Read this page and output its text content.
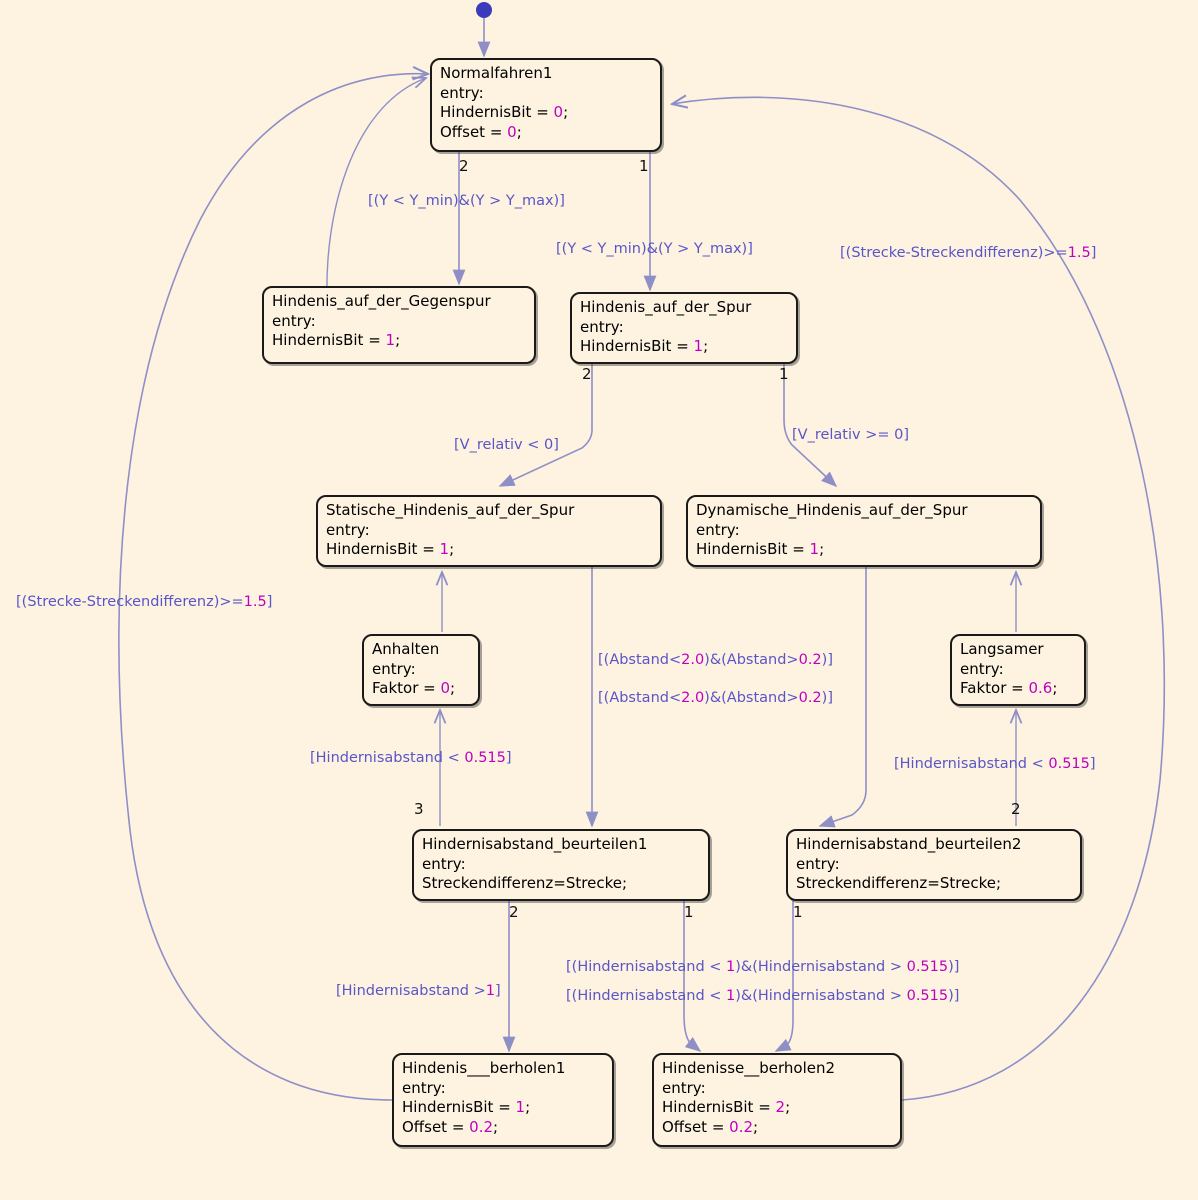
Normalfahren1
entry:
HindernisBit = 0;
Offset = 0;
Hindenis_auf_der_Gegenspur
entry:
HindernisBit = 1;
Hindenis_auf_der_Spur
entry:
HindernisBit = 1;
Statische_Hindenis_auf_der_Spur
entry:
HindernisBit = 1;
Dynamische_Hindenis_auf_der_Spur
entry:
HindernisBit = 1;
Anhalten
entry:
Faktor = 0;
Langsamer
entry:
Faktor = 0.6;
Hindernisabstand_beurteilen1
entry:
Streckendifferenz=Strecke;
Hindernisabstand_beurteilen2
entry:
Streckendifferenz=Strecke;
Hindenis___berholen1
entry:
HindernisBit = 1;
Offset = 0.2;
Hindenisse__berholen2
entry:
HindernisBit = 2;
Offset = 0.2;
[(Y < Y_min)&(Y > Y_max)]
[(Y < Y_min)&(Y > Y_max)]	[(Strecke-Streckendifferenz)>=1.5]
[(Strecke-Streckendifferenz)>=1.5]
[V_relativ < 0]
[V_relativ >= 0]
[(Abstand<2.0)&(Abstand>0.2)]
[(Abstand<2.0)&(Abstand>0.2)]
[Hindernisabstand < 0.515]	[Hindernisabstand < 0.515]
[Hindernisabstand >1]
[(Hindernisabstand < 1)&(Hindernisabstand > 0.515)]
[(Hindernisabstand < 1)&(Hindernisabstand > 0.515)]
2	1
2	1
3	2
2	1	1
